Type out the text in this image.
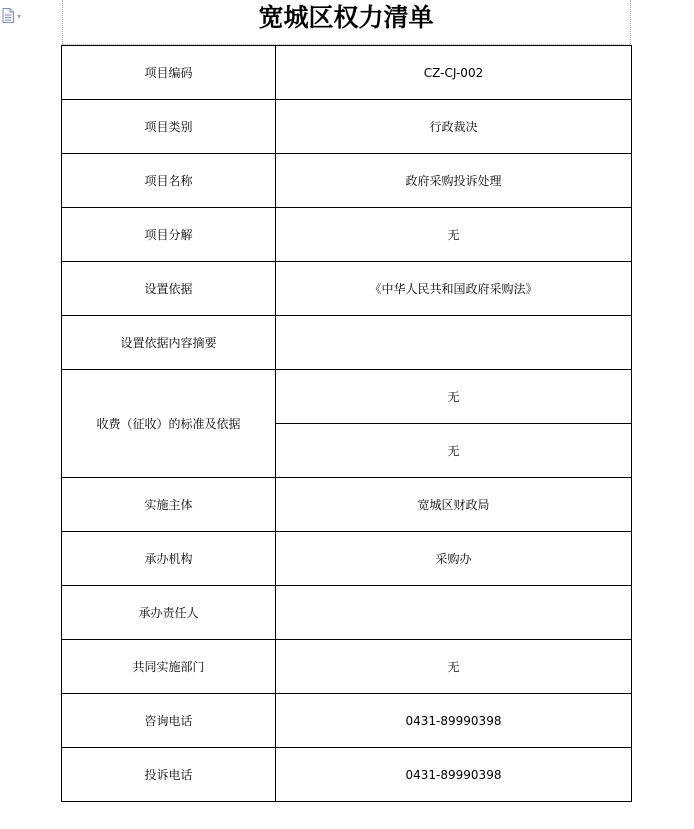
▾	宽城区权力清单
项目编码	CZ-CJ-002
项目类别	行政裁决
项目名称	政府采购投诉处理
项目分解	无
设置依据	《中华人民共和国政府采购法》
设置依据内容摘要	
收费（征收）的标准及依据	无
	无
实施主体	宽城区财政局
承办机构	采购办
承办责任人	
共同实施部门	无
咨询电话	0431-89990398
投诉电话	0431-89990398
